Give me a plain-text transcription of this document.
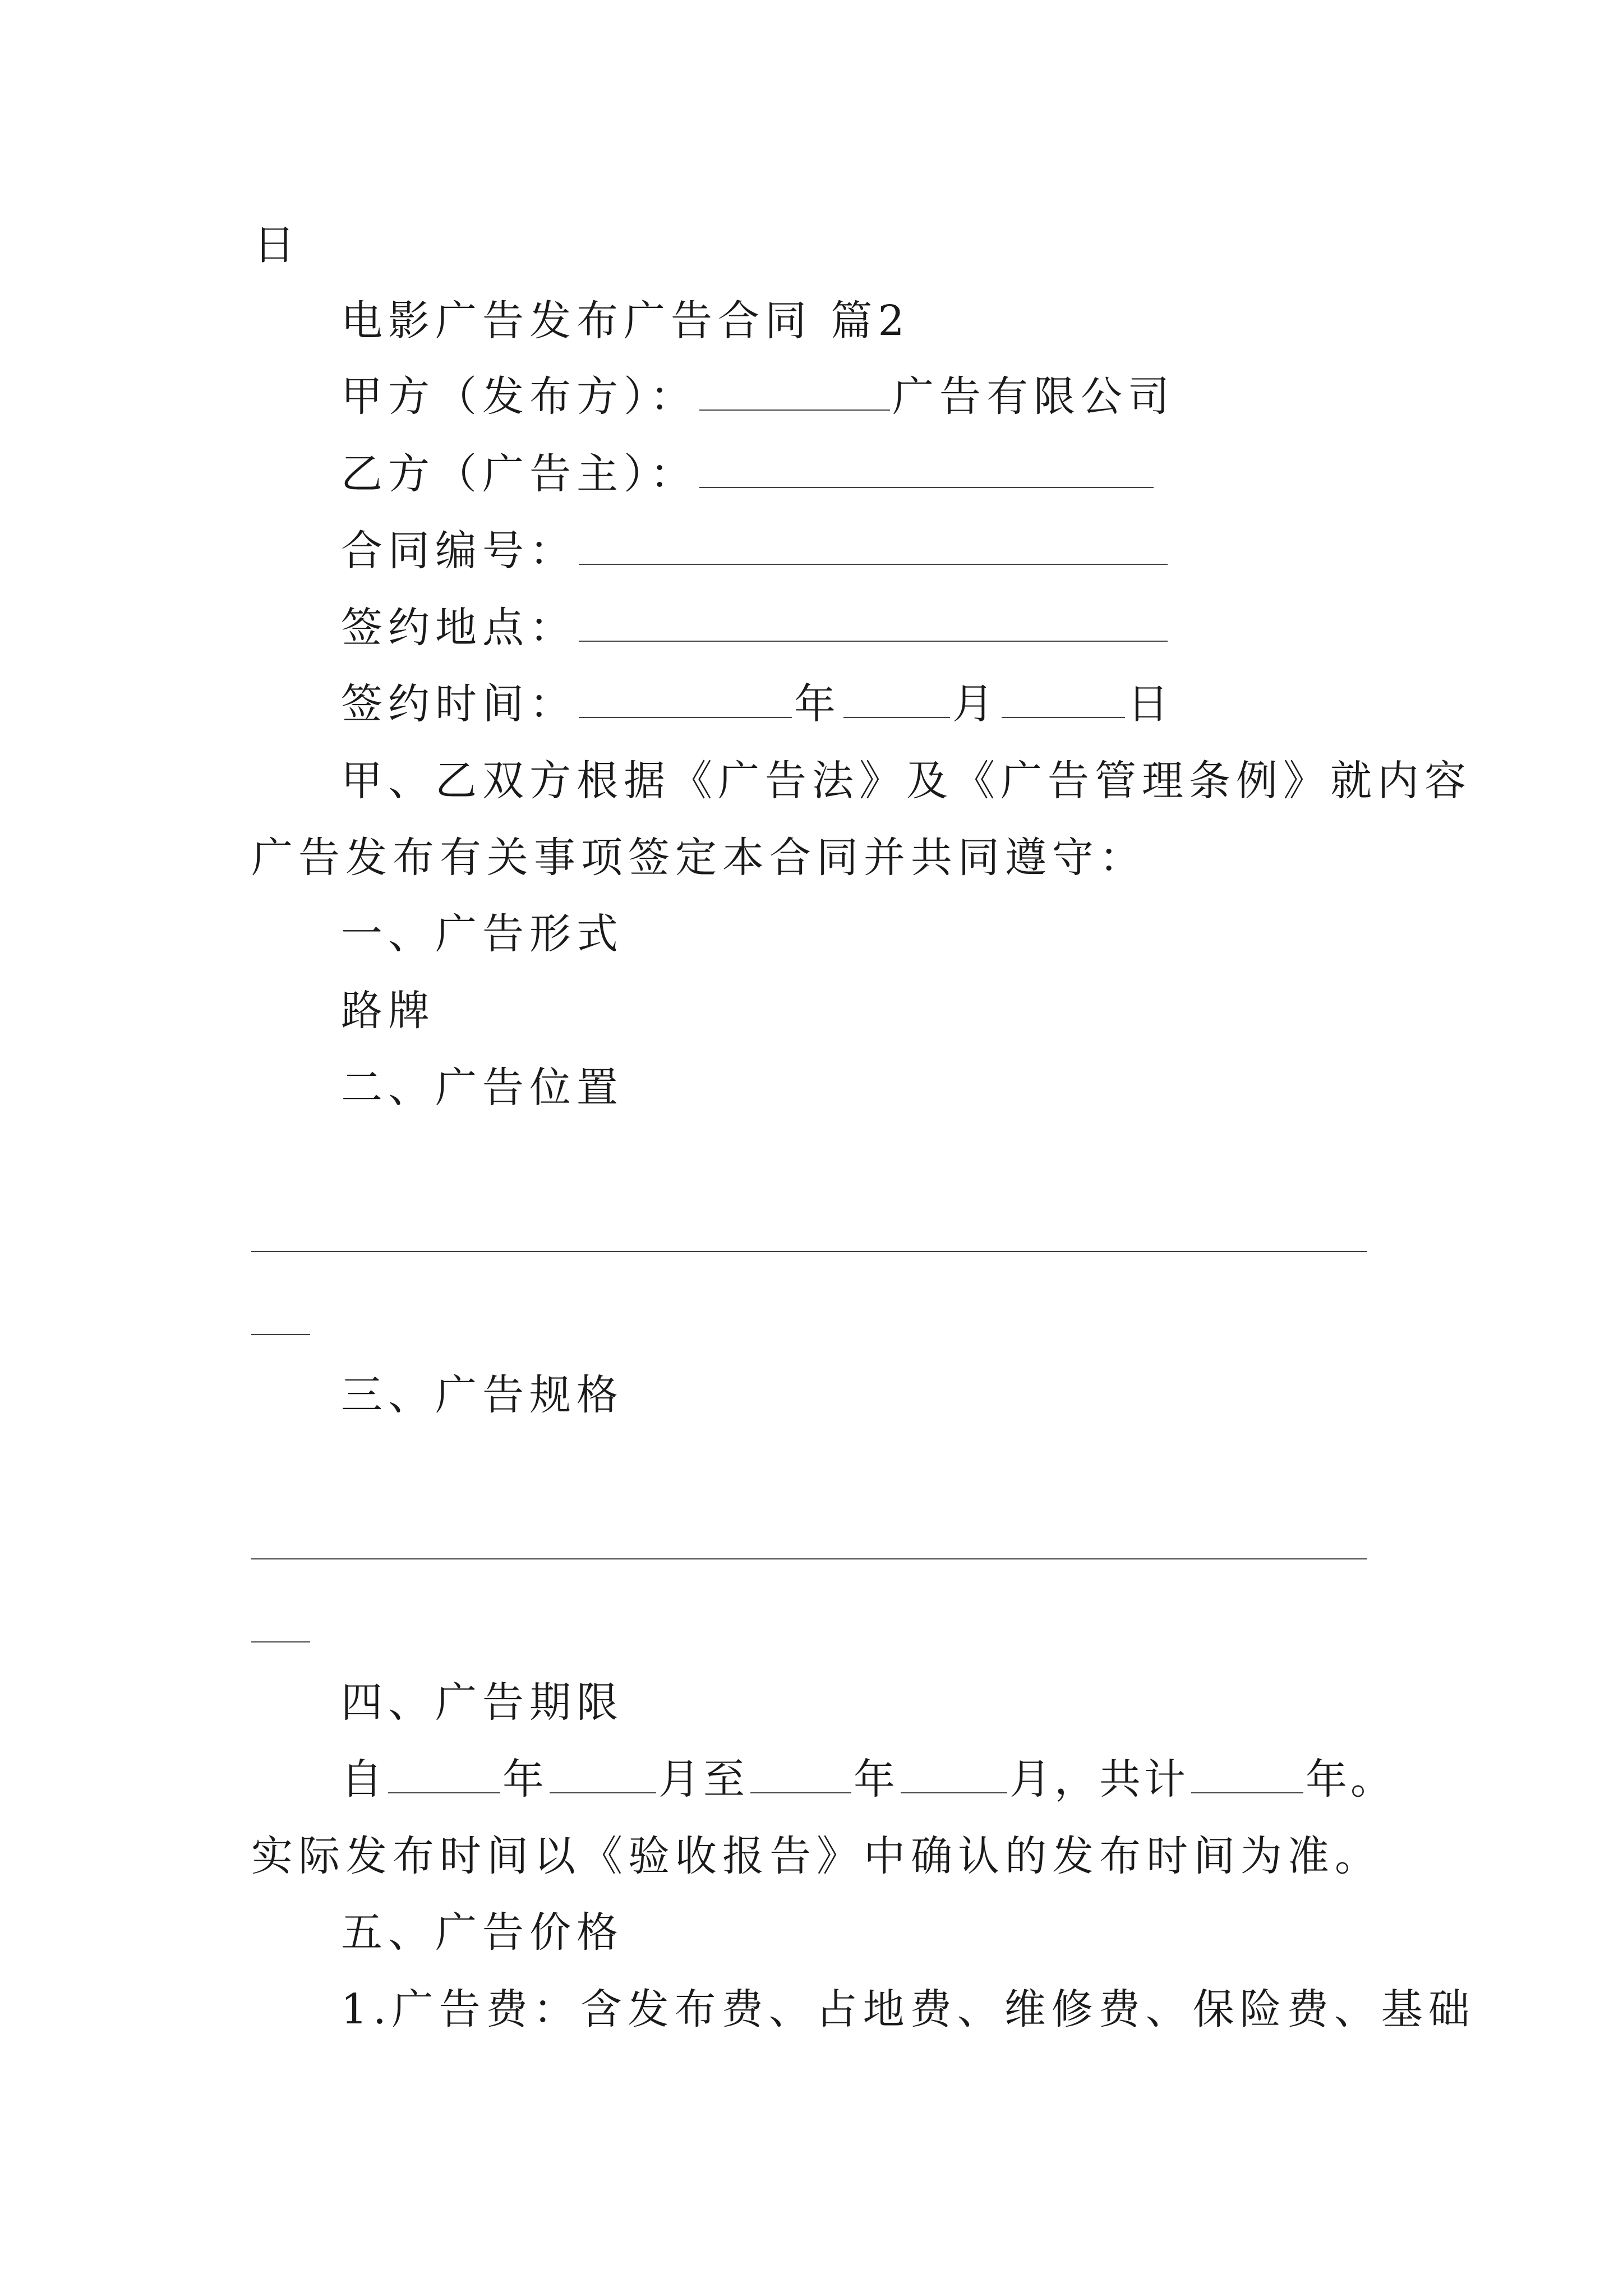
日
电影广告发布广告合同 篇2
甲方（发布方）：	广告有限公司
乙方（广告主）：
合同编号：
签约地点：
签约时间：	年	月	日
甲、乙双方根据《广告法》及《广告管理条例》就内容
广告发布有关事项签定本合同并共同遵守：
一、广告形式
路牌
二、广告位置
三、广告规格
四、广告期限
自	年	月至	年	月，共计	年。
实际发布时间以《验收报告》中确认的发布时间为准。
五、广告价格
1.广告费：含发布费、占地费、维修费、保险费、基础
